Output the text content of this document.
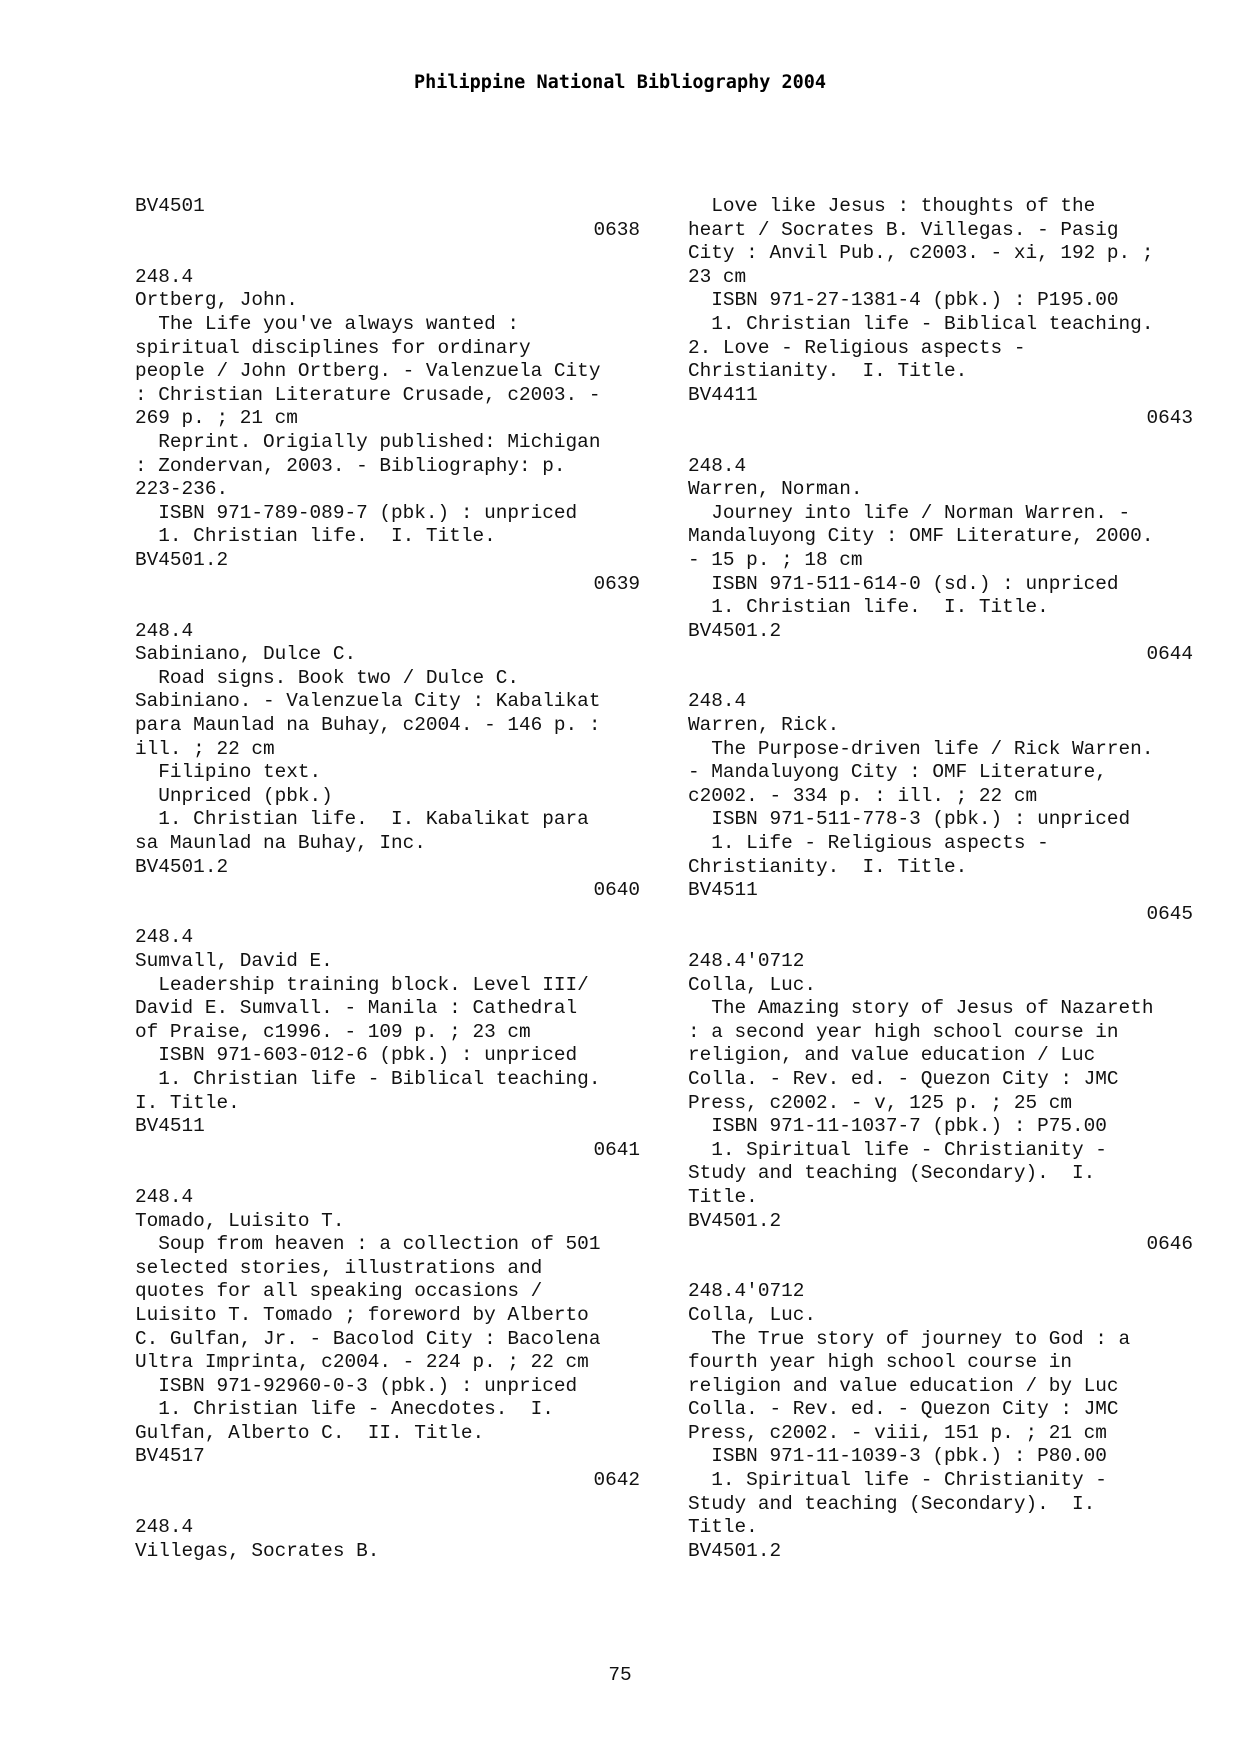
Philippine National Bibliography 2004
BV4501
0638
248.4
Ortberg, John.
The Life you've always wanted :
spiritual disciplines for ordinary
people / John Ortberg. - Valenzuela City
: Christian Literature Crusade, c2003. -
269 p. ; 21 cm
Reprint. Origially published: Michigan
: Zondervan, 2003. - Bibliography: p.
223-236.
ISBN 971-789-089-7 (pbk.) : unpriced
1. Christian life.  I. Title.
BV4501.2
0639
248.4
Sabiniano, Dulce C.
Road signs. Book two / Dulce C.
Sabiniano. - Valenzuela City : Kabalikat
para Maunlad na Buhay, c2004. - 146 p. :
ill. ; 22 cm
Filipino text.
Unpriced (pbk.)
1. Christian life.  I. Kabalikat para
sa Maunlad na Buhay, Inc.
BV4501.2
0640
248.4
Sumvall, David E.
Leadership training block. Level III/
David E. Sumvall. - Manila : Cathedral
of Praise, c1996. - 109 p. ; 23 cm
ISBN 971-603-012-6 (pbk.) : unpriced
1. Christian life - Biblical teaching.
I. Title.
BV4511
0641
248.4
Tomado, Luisito T.
Soup from heaven : a collection of 501
selected stories, illustrations and
quotes for all speaking occasions /
Luisito T. Tomado ; foreword by Alberto
C. Gulfan, Jr. - Bacolod City : Bacolena
Ultra Imprinta, c2004. - 224 p. ; 22 cm
ISBN 971-92960-0-3 (pbk.) : unpriced
1. Christian life - Anecdotes.  I.
Gulfan, Alberto C.  II. Title.
BV4517
0642
248.4
Villegas, Socrates B.
Love like Jesus : thoughts of the
heart / Socrates B. Villegas. - Pasig
City : Anvil Pub., c2003. - xi, 192 p. ;
23 cm
ISBN 971-27-1381-4 (pbk.) : P195.00
1. Christian life - Biblical teaching.
2. Love - Religious aspects -
Christianity.  I. Title.
BV4411
0643
248.4
Warren, Norman.
Journey into life / Norman Warren. -
Mandaluyong City : OMF Literature, 2000.
- 15 p. ; 18 cm
ISBN 971-511-614-0 (sd.) : unpriced
1. Christian life.  I. Title.
BV4501.2
0644
248.4
Warren, Rick.
The Purpose-driven life / Rick Warren.
- Mandaluyong City : OMF Literature,
c2002. - 334 p. : ill. ; 22 cm
ISBN 971-511-778-3 (pbk.) : unpriced
1. Life - Religious aspects -
Christianity.  I. Title.
BV4511
0645
248.4'0712
Colla, Luc.
The Amazing story of Jesus of Nazareth
: a second year high school course in
religion, and value education / Luc
Colla. - Rev. ed. - Quezon City : JMC
Press, c2002. - v, 125 p. ; 25 cm
ISBN 971-11-1037-7 (pbk.) : P75.00
1. Spiritual life - Christianity -
Study and teaching (Secondary).  I.
Title.
BV4501.2
0646
248.4'0712
Colla, Luc.
The True story of journey to God : a
fourth year high school course in
religion and value education / by Luc
Colla. - Rev. ed. - Quezon City : JMC
Press, c2002. - viii, 151 p. ; 21 cm
ISBN 971-11-1039-3 (pbk.) : P80.00
1. Spiritual life - Christianity -
Study and teaching (Secondary).  I.
Title.
BV4501.2
75
